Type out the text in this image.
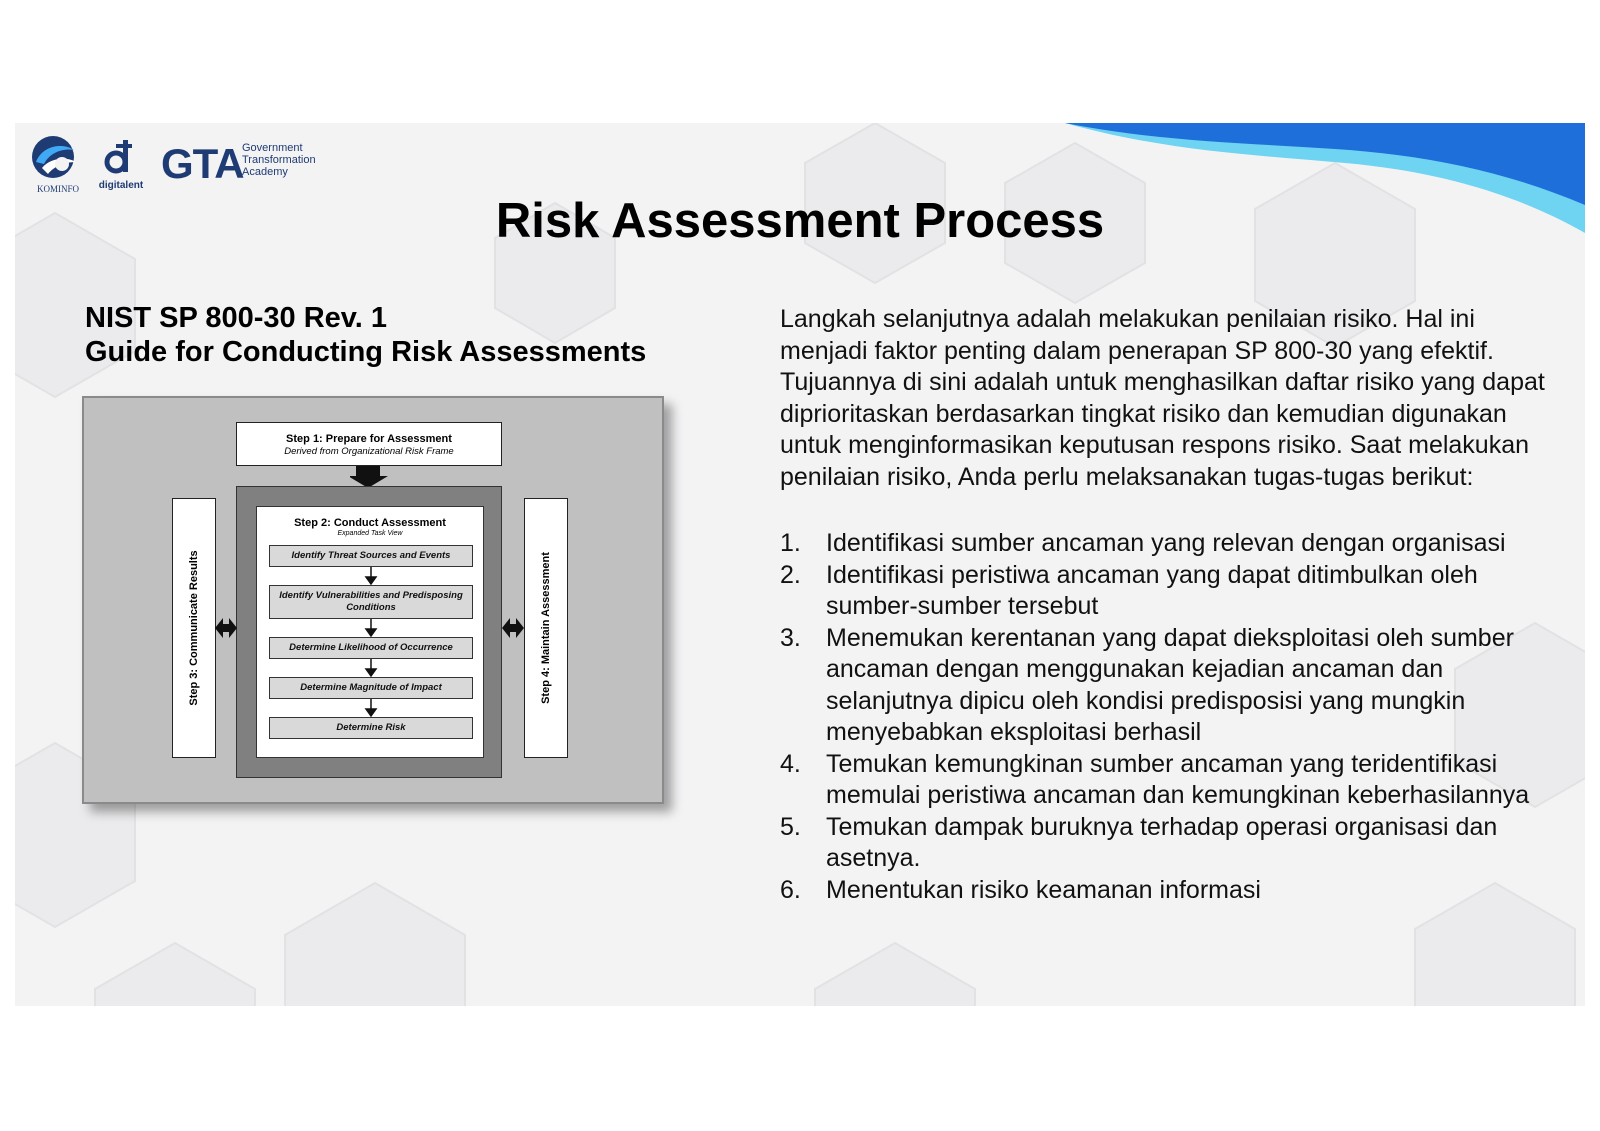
KOMINFO	digitalent GTA
Government
Transformation
Academy
Risk Assessment Process
NIST SP 800-30 Rev. 1
Guide for Conducting Risk Assessments
Step 1: Prepare for Assessment
Derived from Organizational Risk Frame
Step 2: Conduct Assessment
Expanded Task View
Identify Threat Sources and Events
Identify Vulnerabilities and Predisposing Conditions
Determine Likelihood of Occurrence
Determine Magnitude of Impact
Determine Risk
Step 3: Communicate Results	Step 4: Maintain Assessment
Langkah selanjutnya adalah melakukan penilaian risiko. Hal ini menjadi faktor penting dalam penerapan SP 800-30 yang efektif. Tujuannya di sini adalah untuk menghasilkan daftar risiko yang dapat diprioritaskan berdasarkan tingkat risiko dan kemudian digunakan untuk menginformasikan keputusan respons risiko. Saat melakukan penilaian risiko, Anda perlu melaksanakan tugas-tugas berikut:
1. Identifikasi sumber ancaman yang relevan dengan organisasi
2. Identifikasi peristiwa ancaman yang dapat ditimbulkan oleh sumber-sumber tersebut
3. Menemukan kerentanan yang dapat dieksploitasi oleh sumber ancaman dengan menggunakan kejadian ancaman dan selanjutnya dipicu oleh kondisi predisposisi yang mungkin menyebabkan eksploitasi berhasil
4. Temukan kemungkinan sumber ancaman yang teridentifikasi memulai peristiwa ancaman dan kemungkinan keberhasilannya
5. Temukan dampak buruknya terhadap operasi organisasi dan asetnya.
6. Menentukan risiko keamanan informasi
